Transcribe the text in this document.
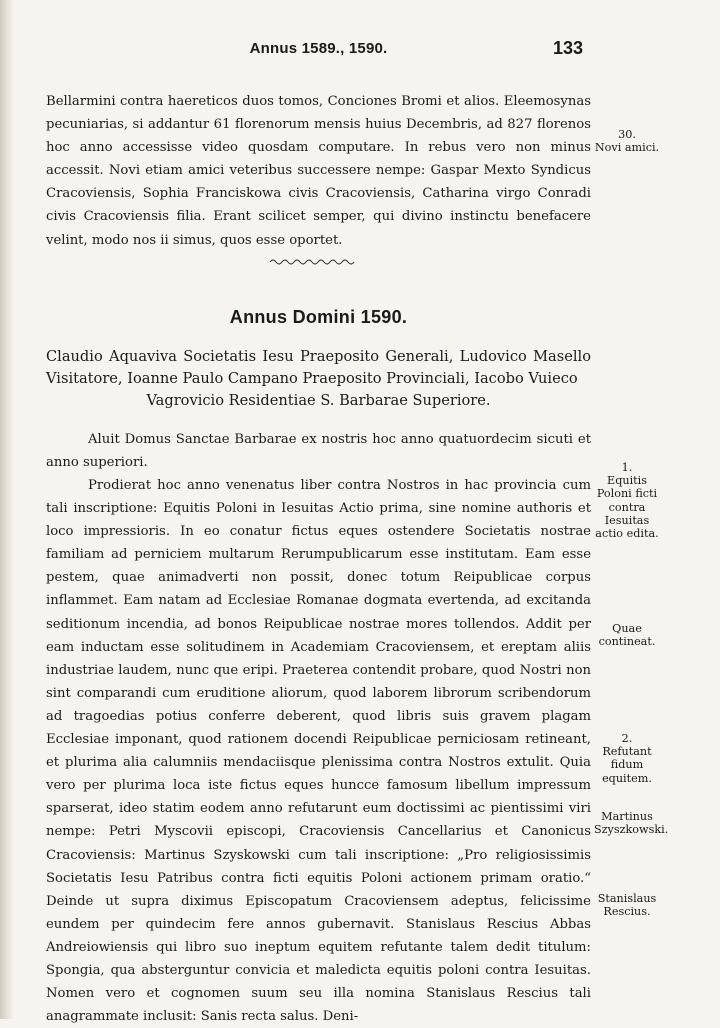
Annus 1589., 1590.	133

Bellarmini contra haereticos duos tomos, Conciones Bromi et alios. Eleemosynas pecuniarias, si addantur 61 florenorum mensis huius Decembris, ad 827 florenos hoc anno accessisse video quosdam computare. In rebus vero non minus accessit. Novi etiam amici veteribus successere nempe: Gaspar Mexto Syndicus Cracoviensis, Sophia Franciskowa civis Cracoviensis, Catharina virgo Conradi civis Cracoviensis filia. Erant scilicet semper, qui divino instinctu benefacere velint, modo nos ii simus, quos esse oportet.

Annus Domini 1590.
Claudio Aquaviva Societatis Iesu Praeposito Generali, Ludovico Masello Visitatore, Ioanne Paulo Campano Praeposito Provinciali, Iacobo Vuieco
Vagrovicio Residentiae S. Barbarae Superiore.

Aluit Domus Sanctae Barbarae ex nostris hoc anno quatuordecim sicuti et anno superiori.

Prodierat hoc anno venenatus liber contra Nostros in hac provincia cum tali inscriptione: Equitis Poloni in Iesuitas Actio prima, sine nomine authoris et loco impressioris. In eo conatur fictus eques ostendere Societatis nostrae familiam ad perniciem multarum Rerumpublicarum esse institutam. Eam esse pestem, quae animadverti non possit, donec totum Reipublicae corpus inflammet. Eam natam ad Ecclesiae Romanae dogmata evertenda, ad excitanda seditionum incendia, ad bonos Reipublicae nostrae mores tollendos. Addit per eam inductam esse solitudinem in Academiam Cracoviensem, et ereptam aliis industriae laudem, nunc que eripi. Praeterea contendit probare, quod Nostri non sint comparandi cum eruditione aliorum, quod laborem librorum scribendorum ad tragoedias potius conferre deberent, quod libris suis gravem plagam Ecclesiae imponant, quod rationem docendi Reipublicae perniciosam retineant, et plurima alia calumniis mendaciisque plenissima contra Nostros extulit. Quia vero per plurima loca iste fictus eques huncce famosum libellum impressum sparserat, ideo statim eodem anno refutarunt eum doctissimi ac pientissimi viri nempe: Petri Myscovii episcopi, Cracoviensis Cancellarius et Canonicus Cracoviensis: Martinus Szyskowski cum tali inscriptione: „Pro religiosissimis Societatis Iesu Patribus contra ficti equitis Poloni actionem primam oratio.“ Deinde ut supra diximus Episcopatum Cracoviensem adeptus, felicissime eundem per quindecim fere annos gubernavit. Stanislaus Rescius Abbas Andreiowiensis qui libro suo ineptum equitem refutante talem dedit titulum: Spongia, qua absterguntur convicia et maledicta equitis poloni contra Iesuitas. Nomen vero et cognomen suum seu illa nomina Stanislaus Rescius tali anagrammate inclusit: Sanis recta salus. Deni-

30.
Novi amici.
1.
Equitis Poloni ficti contra Iesuitas actio edita.
Quae contineat.
2.
Refutant fidum equitem.
Martinus Szyszkowski.
Stanislaus Rescius.
